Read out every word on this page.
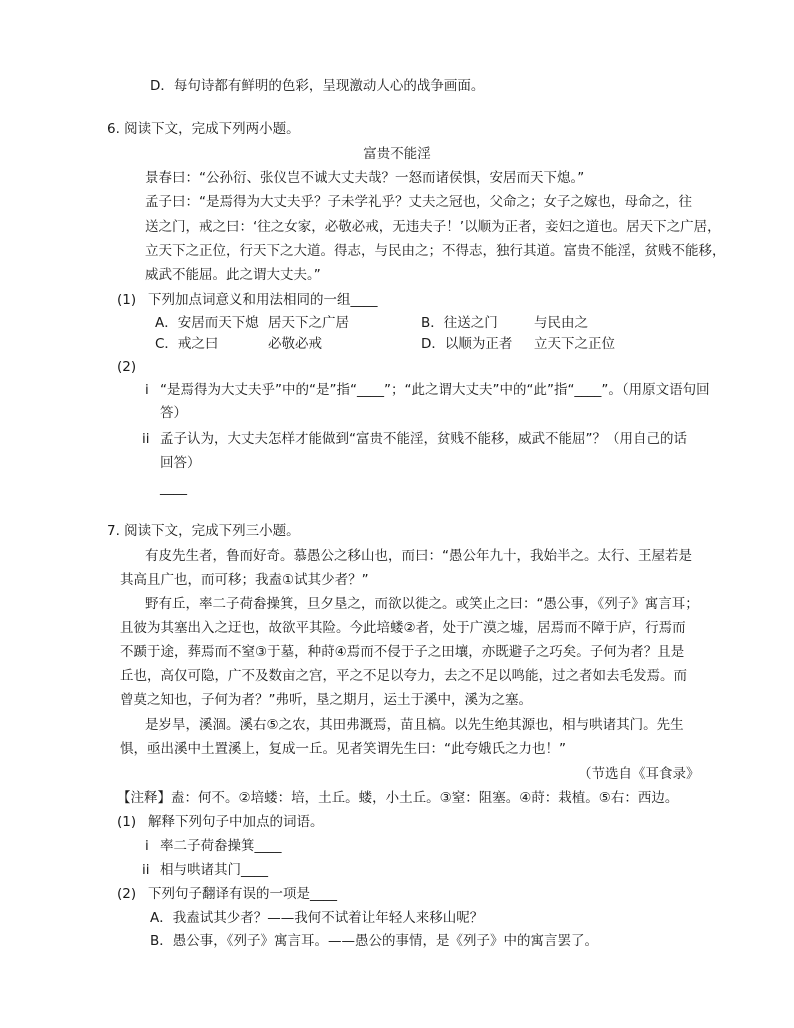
D．每句诗都有鲜明的色彩，呈现激动人心的战争画面。
6. 阅读下文，完成下列两小题。
富贵不能淫
景春曰：“公孙衍、张仪岂不诚大丈夫哉？一怒而诸侯惧，安居而天下熄。”
孟子曰：“是焉得为大丈夫乎？子未学礼乎？丈夫之冠也，父命之；女子之嫁也，母命之，往
送之门，戒之曰：‘往之女家，必敬必戒，无违夫子！’以顺为正者，妾妇之道也。居天下之广居，
立天下之正位，行天下之大道。得志，与民由之；不得志，独行其道。富贵不能淫，贫贱不能移，
威武不能屈。此之谓大丈夫。”
(1) 下列加点词意义和用法相同的一组____
A．安居而天下熄 居天下之广居	B．往送之门	与民由之
C．戒之曰	必敬必戒	D．以顺为正者 立天下之正位
(2)
i “是焉得为大丈夫乎”中的“是”指“____”；“此之谓大丈夫”中的“此”指“____”。（用原文语句回
答）
ii 孟子认为，大丈夫怎样才能做到“富贵不能淫，贫贱不能移，威武不能屈”？（用自己的话
回答）
____
7. 阅读下文，完成下列三小题。
有皮先生者，鲁而好奇。慕愚公之移山也，而曰：“愚公年九十，我始半之。太行、王屋若是
其高且广也，而可移；我盍①试其少者？”
野有丘，率二子荷畚操箕，旦夕垦之，而欲以徙之。或笑止之曰：“愚公事，《列子》寓言耳；
且彼为其塞出入之迂也，故欲平其险。今此培蝼②者，处于广漠之墟，居焉而不障于庐，行焉而
不踬于途，葬焉而不窒③于墓，种莳④焉而不侵于子之田壤，亦既避子之巧矣。子何为者？且是
丘也，高仅可隐，广不及数亩之宫，平之不足以夸力，去之不足以鸣能，过之者如去毛发焉。而
曾莫之知也，子何为者？”弗听，垦之期月，运土于溪中，溪为之塞。
是岁旱，溪涸。溪右⑤之农，其田弗溉焉，苗且槁。以先生绝其源也，相与哄诸其门。先生
惧，亟出溪中土置溪上，复成一丘。见者笑谓先生曰：“此夸娥氏之力也！”
（节选自《耳食录》
【注释】盍：何不。②培蝼：培，土丘。蝼，小土丘。③窒：阻塞。④莳：栽植。⑤右：西边。
(1) 解释下列句子中加点的词语。
i 率二子荷畚操箕____
ii 相与哄诸其门____
(2) 下列句子翻译有误的一项是____
A．我盍试其少者？——我何不试着让年轻人来移山呢？
B．愚公事，《列子》寓言耳。——愚公的事情，是《列子》中的寓言罢了。
